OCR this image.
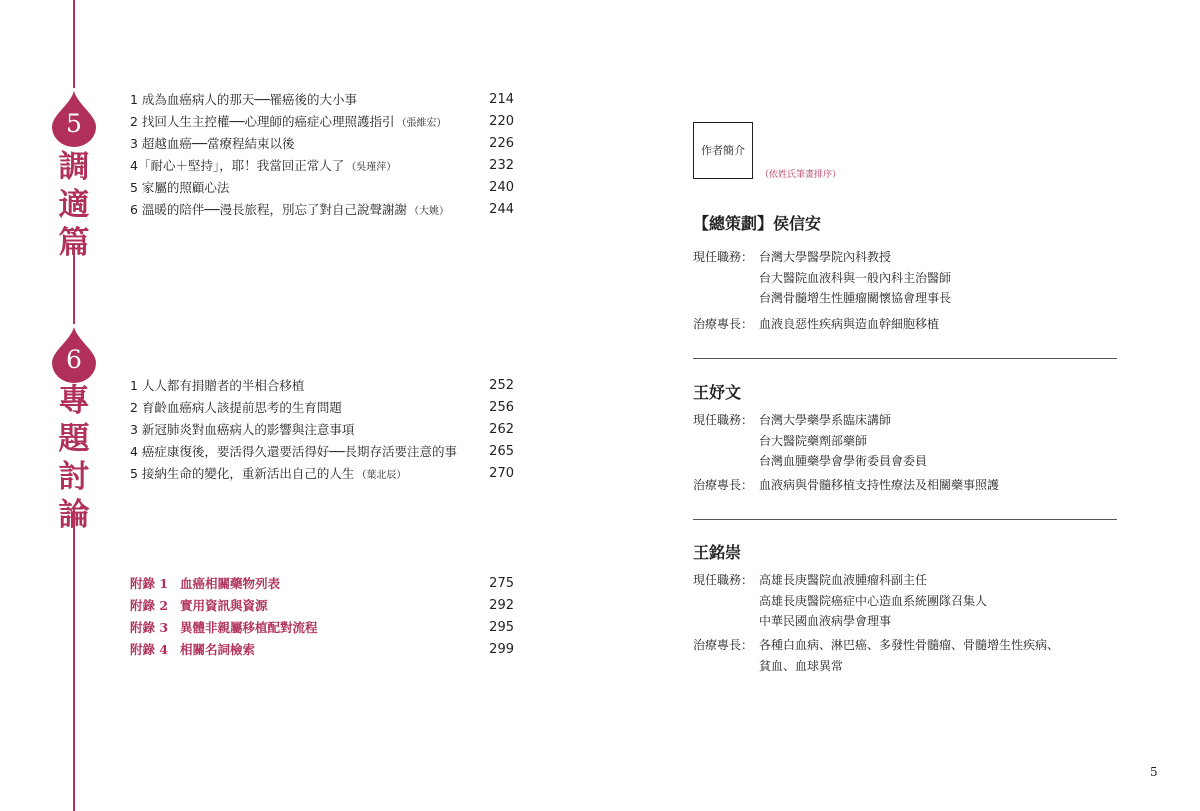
5
調
適
篇
6
專
題
討
論
1 成為血癌病人的那天──罹癌後的大小事	214
2 找回人生主控權──心理師的癌症心理照護指引 （張維宏）	220
3 超越血癌──當療程結束以後	226
4「耐心＋堅持」，耶！我當回正常人了 （吳瑾萍）	232
5 家屬的照顧心法	240
6 溫暖的陪伴──漫長旅程，別忘了對自己說聲謝謝 （大姚）	244
1 人人都有捐贈者的半相合移植	252
2 育齡血癌病人該提前思考的生育問題	256
3 新冠肺炎對血癌病人的影響與注意事項	262
4 癌症康復後，要活得久還要活得好──長期存活要注意的事 265
5 接納生命的變化，重新活出自己的人生 （葉北辰）	270
附錄 1 血癌相關藥物列表	275
附錄 2 實用資訊與資源	292
附錄 3 異體非親屬移植配對流程	295
附錄 4 相關名詞檢索	299
作者簡介
（依姓氏筆畫排序）
【總策劃】侯信安
現任職務： 台灣大學醫學院內科教授
台大醫院血液科與一般內科主治醫師
台灣骨髓增生性腫瘤關懷協會理事長
治療專長： 血液良惡性疾病與造血幹細胞移植
王妤文
現任職務： 台灣大學藥學系臨床講師
台大醫院藥劑部藥師
台灣血腫藥學會學術委員會委員
治療專長： 血液病與骨髓移植支持性療法及相關藥事照護
王銘崇
現任職務： 高雄長庚醫院血液腫瘤科副主任
高雄長庚醫院癌症中心造血系統團隊召集人
中華民國血液病學會理事
治療專長： 各種白血病、淋巴癌、多發性骨髓瘤、骨髓增生性疾病、
貧血、血球異常
5
